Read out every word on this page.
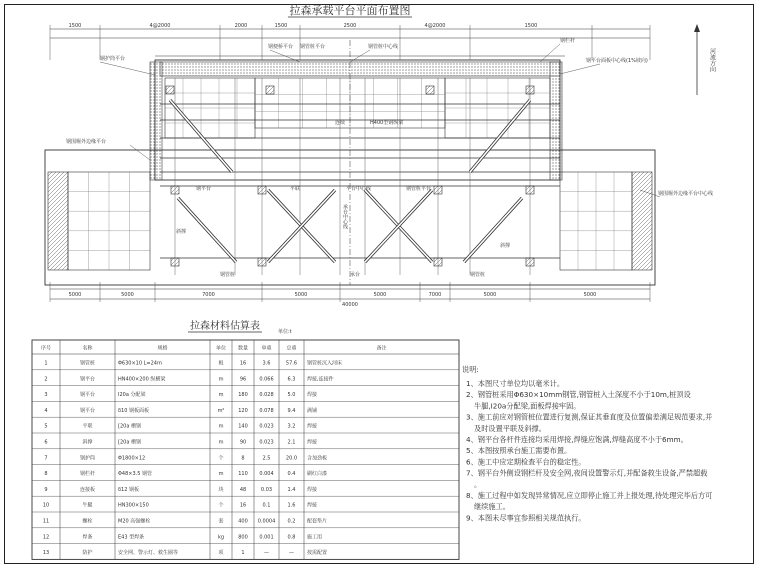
拉森承载平台平面布置图
河流方向
1500	4@2000	2000	1500	2500	4@2000	1500
5000	5000	7000	5000	5000	7000	5000	5000
40000
钢护筒平台
钢围堰外边缘平台
钢便桥平台 钢管桩平台	钢管桩中心线
钢栏杆
钢平台面板中心线(1%坡向)
连续	H400型钢纵梁
钢平台	平联	钢管桩平台
斜撑
平台中心线
斜撑
钢围堰外边缘平台中心线
承台中心线
钢管桩	承台	钢管桩
拉森材料估算表	单位:t
序号	名称	规格	单位 数量	单重	总重	备注
1	钢管桩	Φ630×10 L=24m	根	16	3.6	57.6 钢管桩沉入河床
2	钢平台	HN400×200 纵横梁	m	96	0.066	6.3 焊接,连接件
3	钢平台	I20a 分配梁	m	180 0.028	5.0 焊接
4	钢平台	δ10 钢板面板	m²	120 0.078	9.4 满铺
5	平联	[20a 槽钢	m	140 0.023	3.2 焊接
6	斜撑	[20a 槽钢	m	90	0.023	2.1 焊接
7	钢护筒	Φ1800×12	个	8	2.5	20.0 含加劲板
8	钢栏杆	Φ48×3.5 钢管	m	110 0.004	0.4 刷红白漆
9	连接板	δ12 钢板	块	48	0.03	1.4 焊接
10	牛腿	HN300×150	个	16	0.1	1.6 焊接
11	螺栓	M20 高强螺栓	套	400 0.0004 0.2 配套垫片
12	焊条	E43 型焊条	kg	800 0.001	0.8 施工用
13	防护	安全网、警示灯、救生圈等	项	1	—	—	按需配置
说明:
1、本图尺寸单位均以毫米计。
2、钢管桩采用Φ630×10mm钢管,钢管桩入土深度不小于10m,桩顶设
牛腿,I20a分配梁,面板焊接牢固。
3、施工前应对钢管桩位置进行复测,保证其垂直度及位置偏差满足规范要求,并
及时设置平联及斜撑。
4、钢平台各杆件连接均采用焊接,焊缝应饱满,焊缝高度不小于6mm。
5、本图按照承台施工需要布置。
6、施工中应定期检查平台的稳定性。
7、钢平台外侧设钢栏杆及安全网,夜间设置警示灯,并配备救生设备,严禁超载
。
8、施工过程中如发现异常情况,应立即停止施工并上报处理,待处理完毕后方可
继续施工。
9、本图未尽事宜参照相关规范执行。
